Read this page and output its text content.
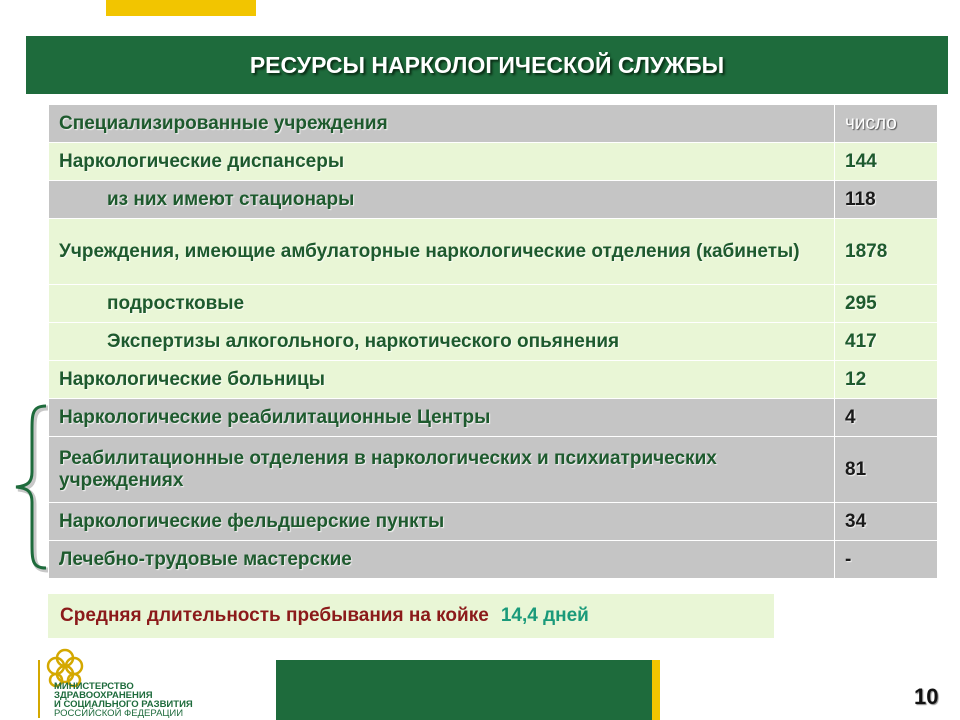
РЕСУРСЫ НАРКОЛОГИЧЕСКОЙ СЛУЖБЫ
Специализированные учреждения	число
Наркологические диспансеры	144
из них имеют стационары	118
Учреждения, имеющие амбулаторные наркологические отделения (кабинеты)	1878
подростковые	295
Экспертизы алкогольного, наркотического опьянения	417
Наркологические больницы	12
Наркологические реабилитационные Центры	4
Реабилитационные отделения в наркологических и психиатрических учреждениях	81
Наркологические фельдшерские пункты	34
Лечебно-трудовые мастерские	-
Средняя длительность пребывания на койке 14,4 дней
МИНИСТЕРСТВО
ЗДРАВООХРАНЕНИЯ
И СОЦИАЛЬНОГО РАЗВИТИЯ
РОССИЙСКОЙ ФЕДЕРАЦИИ
10
